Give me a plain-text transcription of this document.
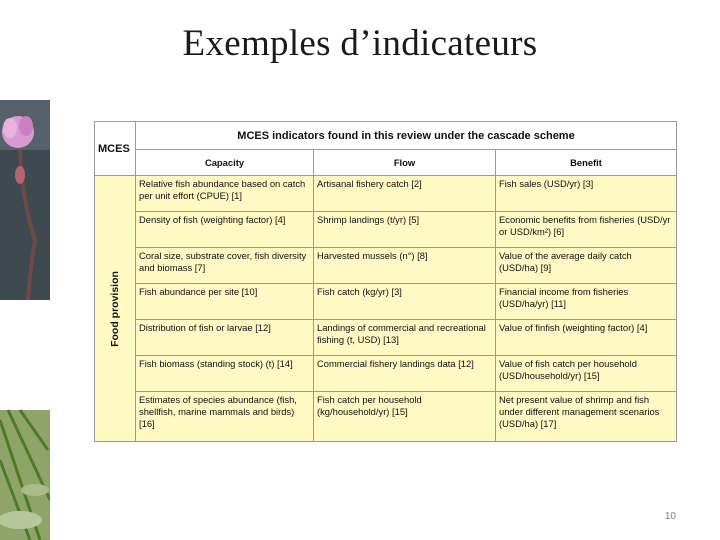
Exemples d’indicateurs
MCES	MCES indicators found in this review under the cascade scheme		
	Capacity	Flow	Benefit

Food provision	Relative fish abundance based on catch per unit effort (CPUE) [1]	Artisanal fishery catch [2]	Fish sales (USD/yr) [3]
	Density of fish (weighting factor) [4]	Shrimp landings (t/yr) [5]	Economic benefits from fisheries (USD/yr or USD/km²) [6]
	Coral size, substrate cover, fish diversity and biomass [7]	Harvested mussels (n°) [8]	Value of the average daily catch (USD/ha) [9]
	Fish abundance per site [10]	Fish catch (kg/yr) [3]	Financial income from fisheries (USD/ha/yr) [11]
	Distribution of fish or larvae [12]	Landings of commercial and recreational fishing (t, USD) [13]	Value of finfish (weighting factor) [4]
	Fish biomass (standing stock) (t) [14]	Commercial fishery landings data [12]	Value of fish catch per household (USD/household/yr) [15]
	Estimates of species abundance (fish, shellfish, marine mammals and birds) [16]	Fish catch per household (kg/household/yr) [15]	Net present value of shrimp and fish under different management scenarios (USD/ha) [17]
10
